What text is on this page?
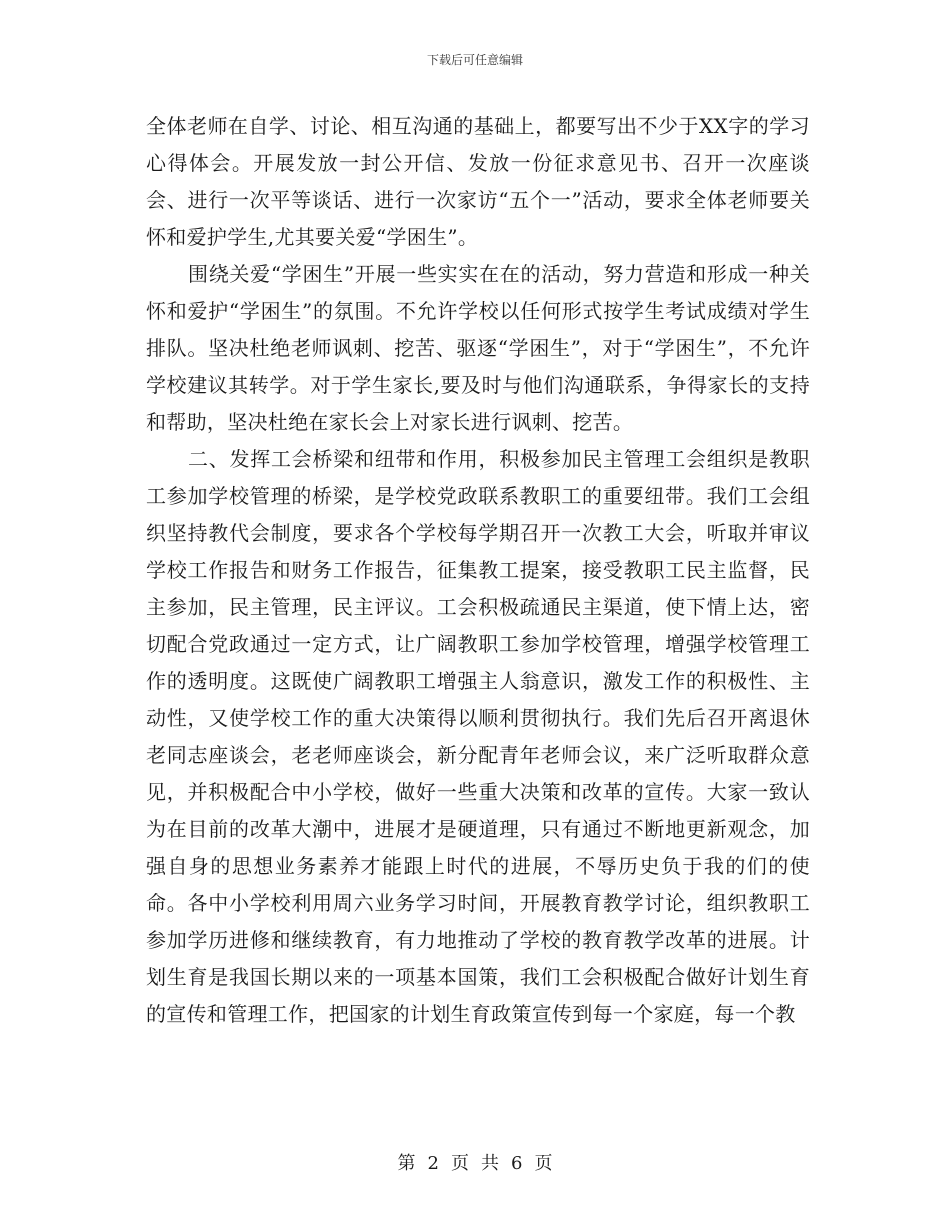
下载后可任意编辑

全体老师在自学、讨论、相互沟通的基础上，都要写出不少于XX字的学习心得体会。开展发放一封公开信、发放一份征求意见书、召开一次座谈会、进行一次平等谈话、进行一次家访“五个一”活动，要求全体老师要关怀和爱护学生,尤其要关爱“学困生”。

围绕关爱“学困生”开展一些实实在在的活动，努力营造和形成一种关怀和爱护“学困生”的氛围。不允许学校以任何形式按学生考试成绩对学生排队。坚决杜绝老师讽刺、挖苦、驱逐“学困生”，对于“学困生”，不允许学校建议其转学。对于学生家长,要及时与他们沟通联系，争得家长的支持和帮助，坚决杜绝在家长会上对家长进行讽刺、挖苦。

二、发挥工会桥梁和纽带和作用，积极参加民主管理工会组织是教职工参加学校管理的桥梁，是学校党政联系教职工的重要纽带。我们工会组织坚持教代会制度，要求各个学校每学期召开一次教工大会，听取并审议学校工作报告和财务工作报告，征集教工提案，接受教职工民主监督，民主参加，民主管理，民主评议。工会积极疏通民主渠道，使下情上达，密切配合党政通过一定方式，让广阔教职工参加学校管理，增强学校管理工作的透明度。这既使广阔教职工增强主人翁意识，激发工作的积极性、主动性，又使学校工作的重大决策得以顺利贯彻执行。我们先后召开离退休老同志座谈会，老老师座谈会，新分配青年老师会议，来广泛听取群众意见，并积极配合中小学校，做好一些重大决策和改革的宣传。大家一致认为在目前的改革大潮中，进展才是硬道理，只有通过不断地更新观念，加强自身的思想业务素养才能跟上时代的进展，不辱历史负于我的们的使命。各中小学校利用周六业务学习时间，开展教育教学讨论，组织教职工参加学历进修和继续教育，有力地推动了学校的教育教学改革的进展。计划生育是我国长期以来的一项基本国策，我们工会积极配合做好计划生育的宣传和管理工作，把国家的计划生育政策宣传到每一个家庭，每一个教

第 2 页 共 6 页
